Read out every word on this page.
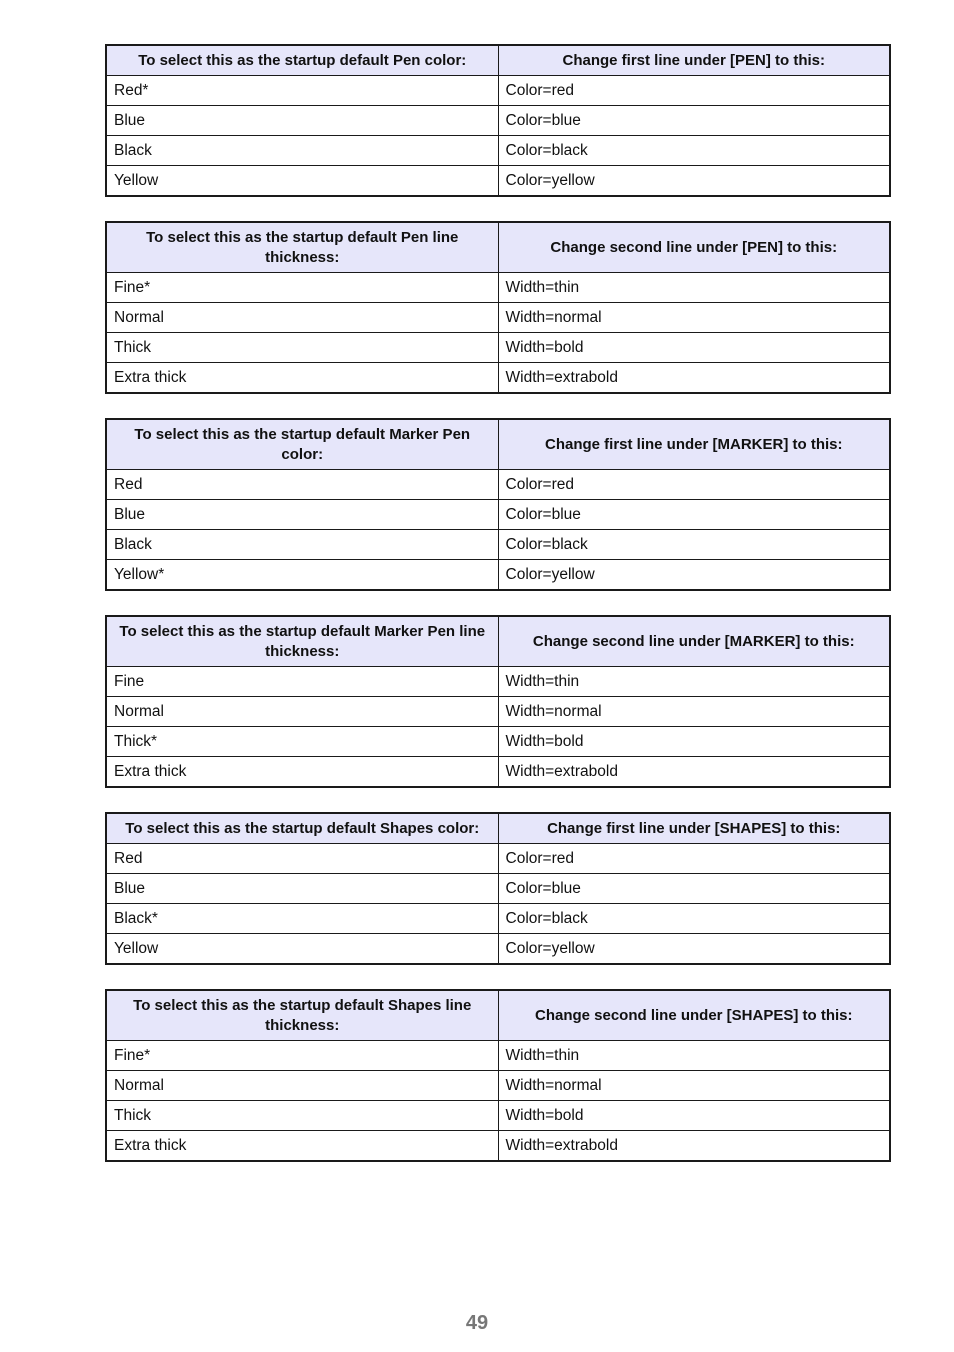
To select this as the startup default Pen color:	Change first line under [PEN] to this:
Red*	Color=red
Blue	Color=blue
Black	Color=black
Yellow	Color=yellow
To select this as the startup default Pen line thickness:	Change second line under [PEN] to this:
Fine*	Width=thin
Normal	Width=normal
Thick	Width=bold
Extra thick	Width=extrabold
To select this as the startup default Marker Pen color:	Change first line under [MARKER] to this:
Red	Color=red
Blue	Color=blue
Black	Color=black
Yellow*	Color=yellow
To select this as the startup default Marker Pen line thickness:	Change second line under [MARKER] to this:
Fine	Width=thin
Normal	Width=normal
Thick*	Width=bold
Extra thick	Width=extrabold
To select this as the startup default Shapes color:	Change first line under [SHAPES] to this:
Red	Color=red
Blue	Color=blue
Black*	Color=black
Yellow	Color=yellow
To select this as the startup default Shapes line thickness:	Change second line under [SHAPES] to this:
Fine*	Width=thin
Normal	Width=normal
Thick	Width=bold
Extra thick	Width=extrabold
49
